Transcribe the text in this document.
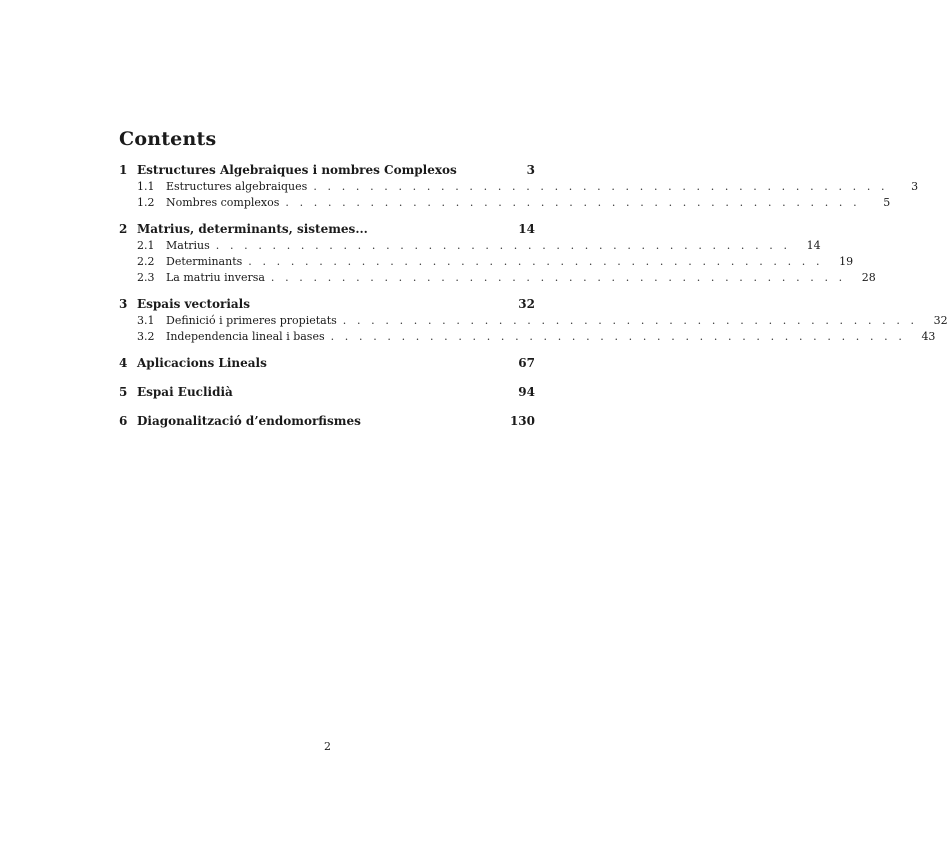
Contents
1 Estructures Algebraiques i nombres Complexos	3
1.1	Estructures algebraiques . . . . . . . . . . . . . . . . . . . . . . . . . . . . . . . . . . . . . . . . .	3
1.2	Nombres complexos . . . . . . . . . . . . . . . . . . . . . . . . . . . . . . . . . . . . . . . . .	5
2 Matrius, determinants, sistemes...	14
2.1	Matrius . . . . . . . . . . . . . . . . . . . . . . . . . . . . . . . . . . . . . . . . .	14
2.2	Determinants . . . . . . . . . . . . . . . . . . . . . . . . . . . . . . . . . . . . . . . . .	19
2.3	La matriu inversa . . . . . . . . . . . . . . . . . . . . . . . . . . . . . . . . . . . . . . . . .	28
3 Espais vectorials	32
3.1	Definició i primeres propietats . . . . . . . . . . . . . . . . . . . . . . . . . . . . . . . . . . . . . . . . .	32
3.2	Independencia lineal i bases . . . . . . . . . . . . . . . . . . . . . . . . . . . . . . . . . . . . . . . . .	43
4 Aplicacions Lineals	67
5 Espai Euclidià	94
6 Diagonalització d’endomorfismes	130
2
